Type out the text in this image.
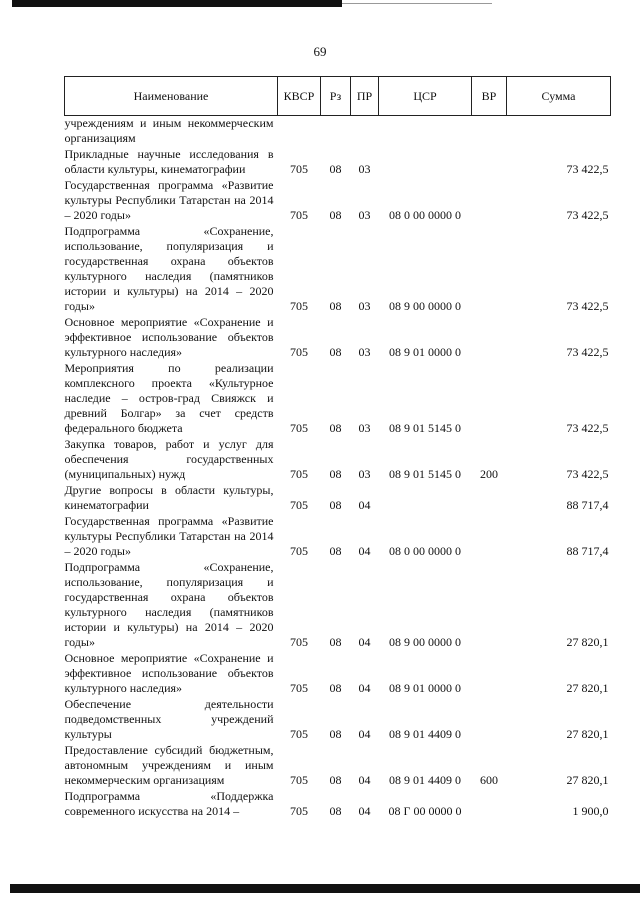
69
Наименование	КВСР	Рз	ПР	ЦСР	ВР	Сумма
учреждениям и иным некоммерческим организациям						
Прикладные научные исследования в области культуры, кинематографии	705	08	03			73 422,5
Государственная программа «Развитие культуры Республики Татарстан на 2014 – 2020 годы»	705	08	03	08 0 00 0000 0		73 422,5
Подпрограмма «Сохранение, использование, популяризация и государственная охрана объектов культурного наследия (памятников истории и культуры) на 2014 – 2020 годы»	705	08	03	08 9 00 0000 0		73 422,5
Основное мероприятие «Сохранение и эффективное использование объектов культурного наследия»	705	08	03	08 9 01 0000 0		73 422,5
Мероприятия по реализации комплексного проекта «Культурное наследие – остров-град Свияжск и древний Болгар» за счет средств федерального бюджета	705	08	03	08 9 01 5145 0		73 422,5
Закупка товаров, работ и услуг для обеспечения государственных (муниципальных) нужд	705	08	03	08 9 01 5145 0	200	73 422,5
Другие вопросы в области культуры, кинематографии	705	08	04			88 717,4
Государственная программа «Развитие культуры Республики Татарстан на 2014 – 2020 годы»	705	08	04	08 0 00 0000 0		88 717,4
Подпрограмма «Сохранение, использование, популяризация и государственная охрана объектов культурного наследия (памятников истории и культуры) на 2014 – 2020 годы»	705	08	04	08 9 00 0000 0		27 820,1
Основное мероприятие «Сохранение и эффективное использование объектов культурного наследия»	705	08	04	08 9 01 0000 0		27 820,1
Обеспечение деятельности подведомственных учреждений культуры	705	08	04	08 9 01 4409 0		27 820,1
Предоставление субсидий бюджетным, автономным учреждениям и иным некоммерческим организациям	705	08	04	08 9 01 4409 0	600	27 820,1
Подпрограмма «Поддержка современного искусства на 2014 –	705	08	04	08 Г 00 0000 0		1 900,0
